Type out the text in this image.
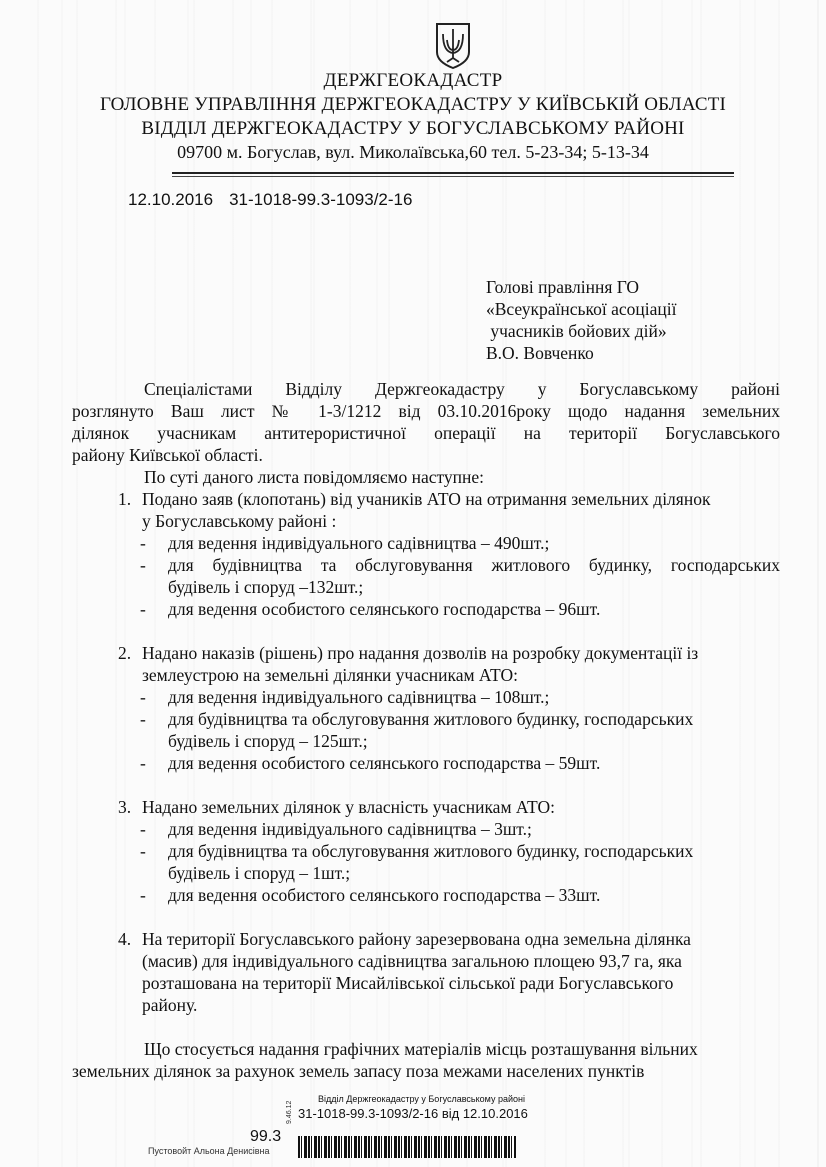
ДЕРЖГЕОКАДАСТР
ГОЛОВНЕ УПРАВЛІННЯ ДЕРЖГЕОКАДАСТРУ У КИЇВСЬКІЙ ОБЛАСТІ
ВІДДІЛ ДЕРЖГЕОКАДАСТРУ У БОГУСЛАВСЬКОМУ РАЙОНІ
09700 м. Богуслав, вул. Миколаївська,60 тел. 5-23-34; 5-13-34
12.10.2016 31-1018-99.3-1093/2-16
Голові правління ГО
«Всеукраїнської асоціації
учасників бойових дій»
В.О. Вовченко
Спеціалістами Відділу Держгеокадастру у Богуславському районі
розглянуто Ваш лист № 1-3/1212 від 03.10.2016року щодо надання земельних
ділянок учасникам антитерористичної операції на території Богуславського
району Київської області.
По суті даного листа повідомляємо наступне:
1. Подано заяв (клопотань) від учаників АТО на отримання земельних ділянок
у Богуславському районі :
- для ведення індивідуального садівництва – 490шт.;
- для будівництва та обслуговування житлового будинку, господарських
будівель і споруд –132шт.;
- для ведення особистого селянського господарства – 96шт.
2. Надано наказів (рішень) про надання дозволів на розробку документації із
землеустрою на земельні ділянки учасникам АТО:
- для ведення індивідуального садівництва – 108шт.;
- для будівництва та обслуговування житлового будинку, господарських
будівель і споруд – 125шт.;
- для ведення особистого селянського господарства – 59шт.
3. Надано земельних ділянок у власність учасникам АТО:
- для ведення індивідуального садівництва – 3шт.;
- для будівництва та обслуговування житлового будинку, господарських
будівель і споруд – 1шт.;
- для ведення особистого селянського господарства – 33шт.
4. На території Богуславського району зарезервована одна земельна ділянка
(масив) для індивідуального садівництва загальною площею 93,7 га, яка
розташована на території Мисайлівської сільської ради Богуславського
району.
Що стосується надання графічних матеріалів місць розташування вільних
земельних ділянок за рахунок земель запасу поза межами населених пунктів
Відділ Держгеокадастру у Богуславському районі
31-1018-99.3-1093/2-16 від 12.10.2016
99.3
9.46.12
Пустовойт Альона Денисівна
